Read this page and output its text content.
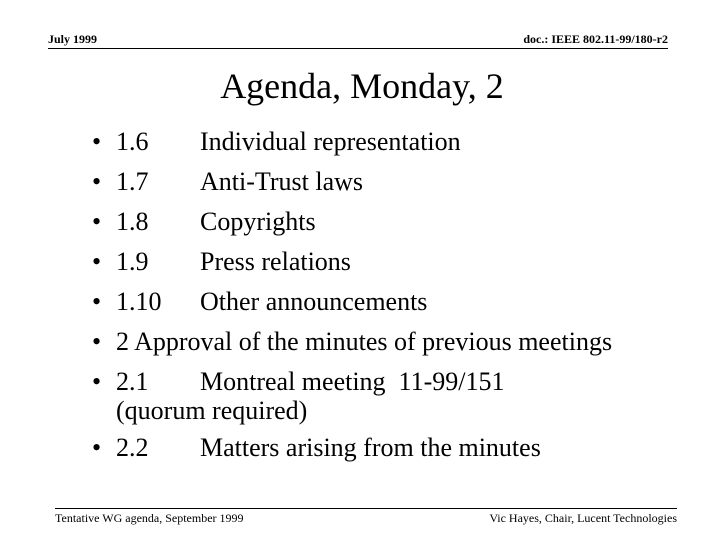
July 1999	doc.: IEEE 802.11-99/180-r2
Agenda, Monday, 2
• 1.6 Individual representation
• 1.7 Anti-Trust laws
• 1.8 Copyrights
• 1.9 Press relations
• 1.10 Other announcements
• 2 Approval of the minutes of previous meetings
• 2.1 Montreal meeting  11-99/151
(quorum required)
• 2.2 Matters arising from the minutes
Tentative WG agenda, September 1999	Vic Hayes, Chair, Lucent Technologies
